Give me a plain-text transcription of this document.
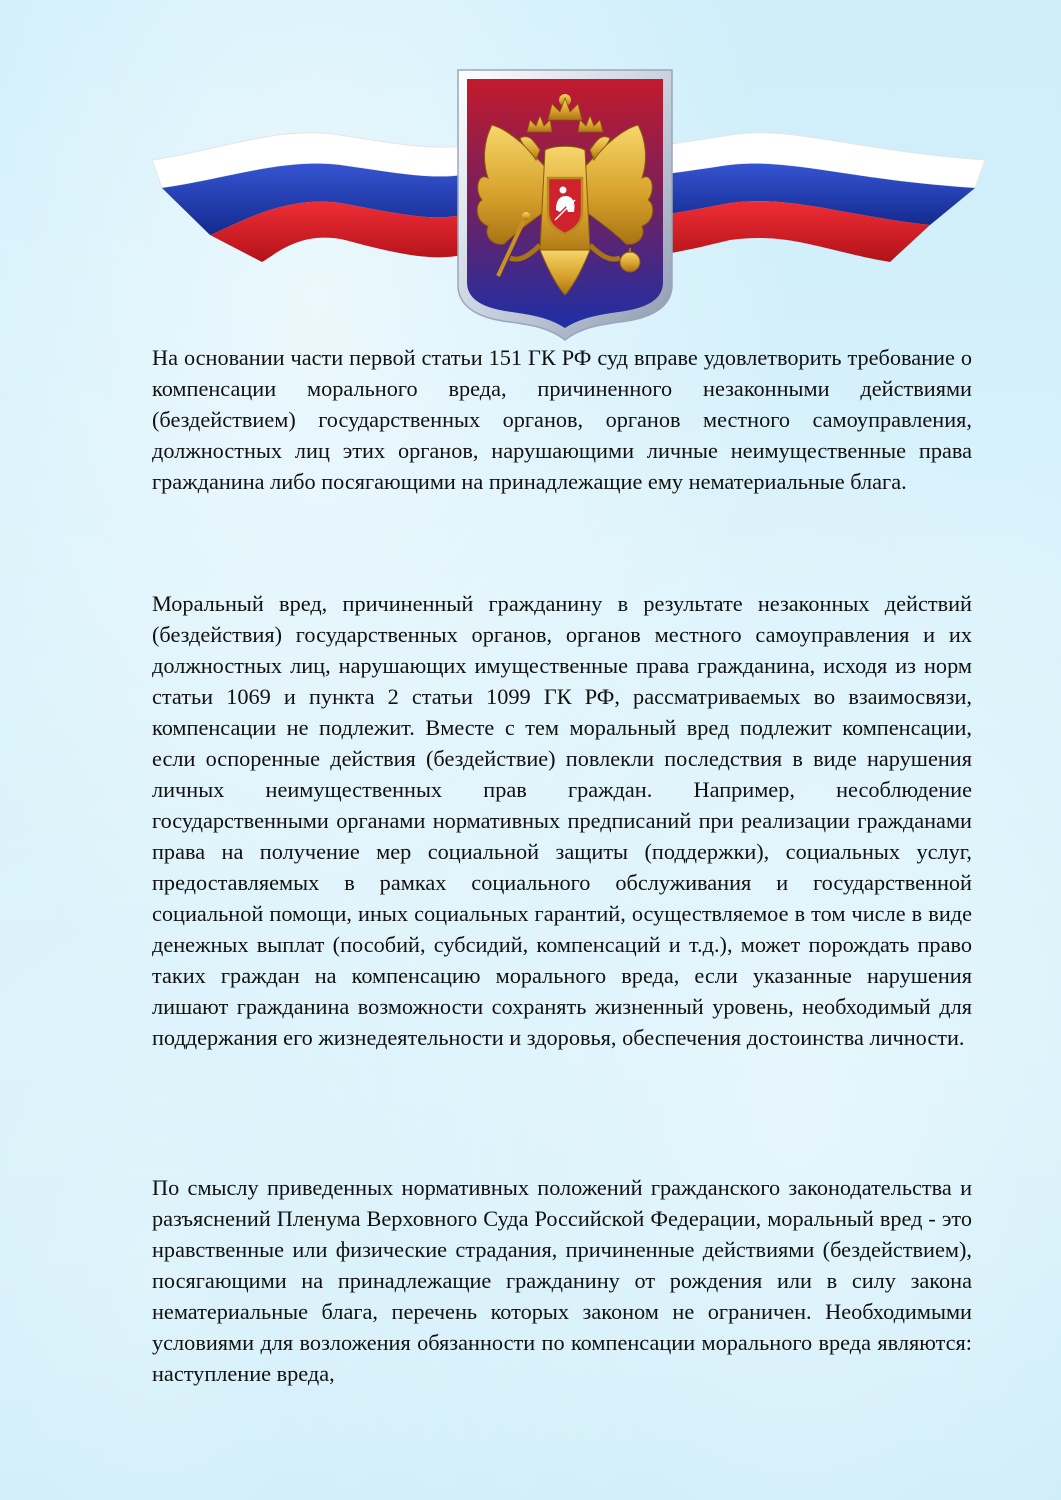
На основании части первой статьи 151 ГК РФ суд вправе удовлетворить требование о компенсации морального вреда, причиненного незаконными действиями (бездействием) государственных органов, органов местного самоуправления, должностных лиц этих органов, нарушающими личные неимущественные права гражданина либо посягающими на принадлежащие ему нематериальные блага.

Моральный вред, причиненный гражданину в результате незаконных действий (бездействия) государственных органов, органов местного самоуправления и их должностных лиц, нарушающих имущественные права гражданина, исходя из норм статьи 1069 и пункта 2 статьи 1099 ГК РФ, рассматриваемых во взаимосвязи, компенсации не подлежит. Вместе с тем моральный вред подлежит компенсации, если оспоренные действия (бездействие) повлекли последствия в виде нарушения личных неимущественных прав граждан. Например, несоблюдение государственными органами нормативных предписаний при реализации гражданами права на получение мер социальной защиты (поддержки), социальных услуг, предоставляемых в рамках социального обслуживания и государственной социальной помощи, иных социальных гарантий, осуществляемое в том числе в виде денежных выплат (пособий, субсидий, компенсаций и т.д.), может порождать право таких граждан на компенсацию морального вреда, если указанные нарушения лишают гражданина возможности сохранять жизненный уровень, необходимый для поддержания его жизнедеятельности и здоровья, обеспечения достоинства личности.

По смыслу приведенных нормативных положений гражданского законодательства и разъяснений Пленума Верховного Суда Российской Федерации, моральный вред - это нравственные или физические страдания, причиненные действиями (бездействием), посягающими на принадлежащие гражданину от рождения или в силу закона нематериальные блага, перечень которых законом не ограничен. Необходимыми условиями для возложения обязанности по компенсации морального вреда являются: наступление вреда,
